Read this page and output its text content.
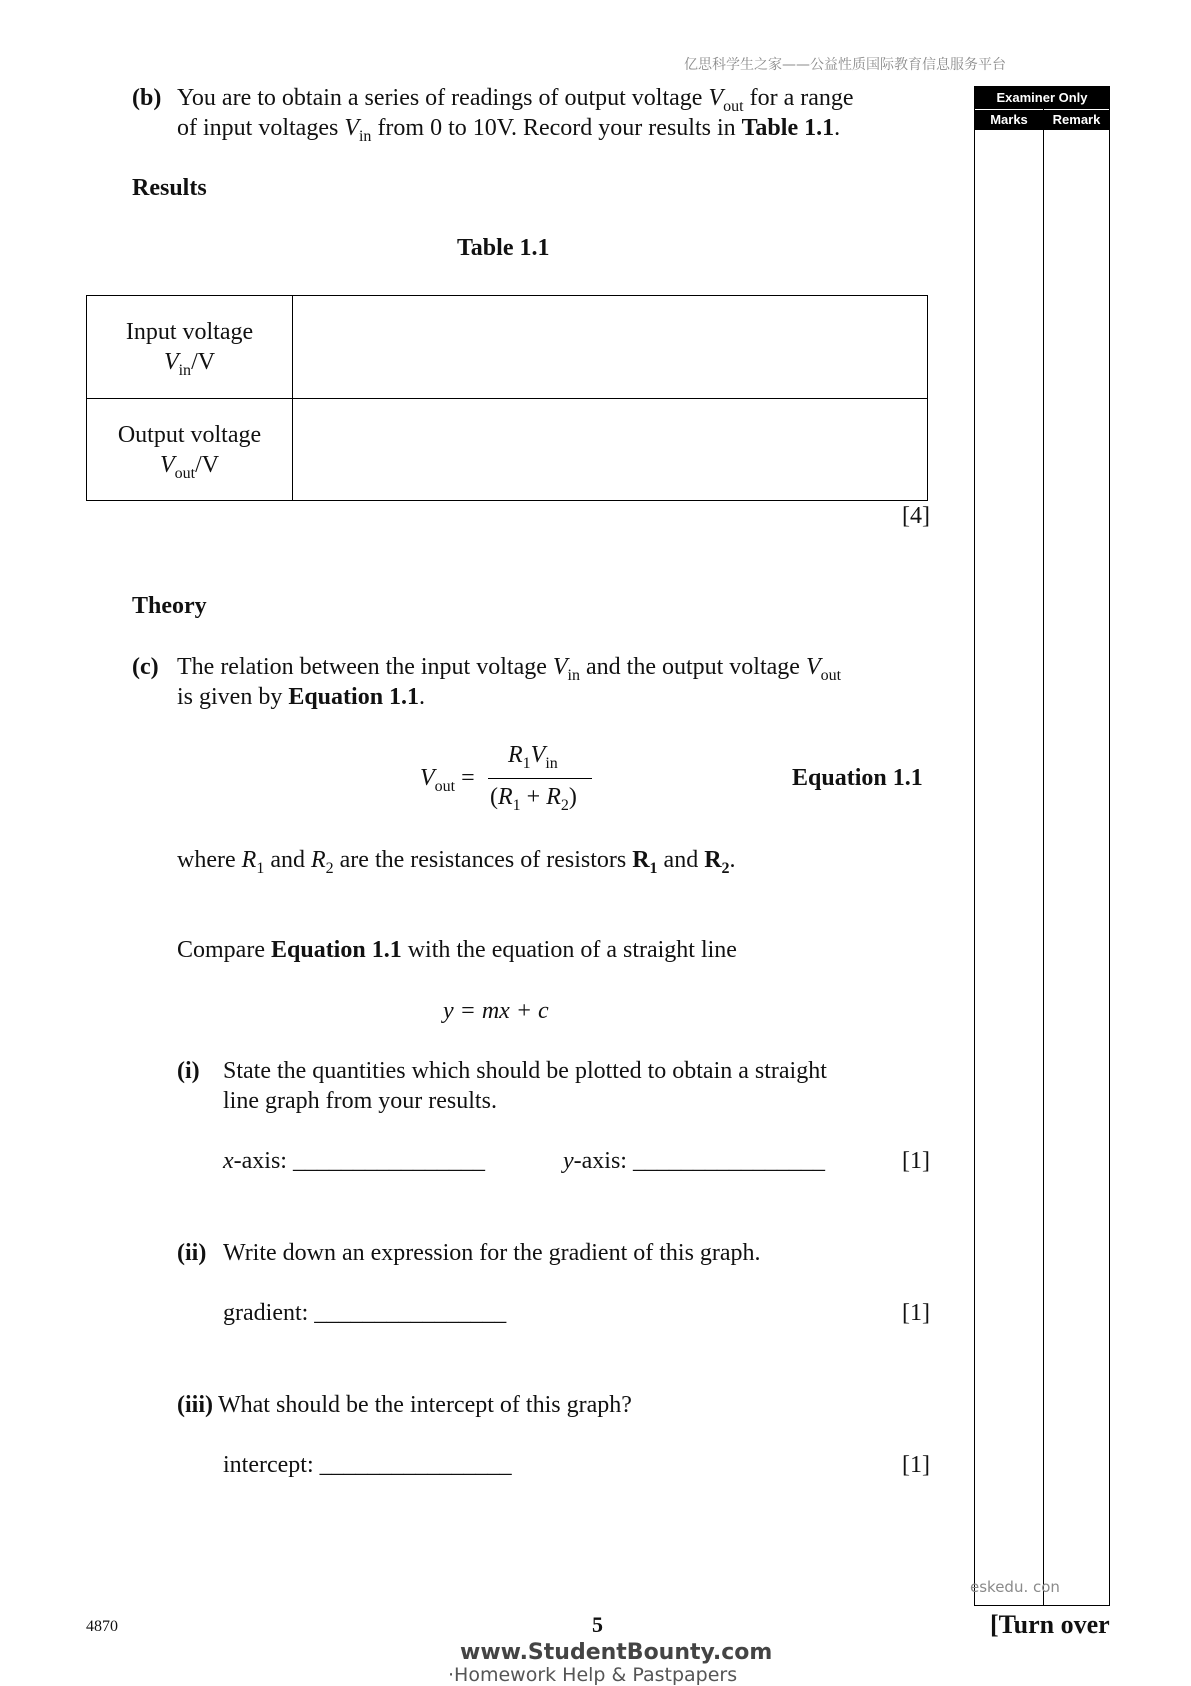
亿思科学生之家——公益性质国际教育信息服务平台
Examiner Only
Marks	Remark
(b) You are to obtain a series of readings of output voltage $V_{out}$ for a range
of input voltages $V_{in}$ from 0 to 10V. Record your results in Table 1.1.
Results
Table 1.1
Input voltage
$V_{in}/V$
Output voltage
$V_{out}/V$
[4]
Theory
(c) The relation between the input voltage $V_{in}$ and the output voltage $V_{out}$
is given by Equation 1.1.
$V_{out}$ =
$R_1V_{in}$
$(R_1 + R_2)$
Equation 1.1
where $R_1$ and $R_2$ are the resistances of resistors $R_1$ and $R_2$.
Compare Equation 1.1 with the equation of a straight line
y = mx + c
(i) State the quantities which should be plotted to obtain a straight
line graph from your results.
x-axis: ________________	y-axis: ________________	[1]
(ii) Write down an expression for the gradient of this graph.
gradient: ________________	[1]
(iii) What should be the intercept of this graph?
intercept: ________________	[1]
eskedu. con
4870	5	[Turn over
www.StudentBounty.com
·Homework Help & Pastpapers
